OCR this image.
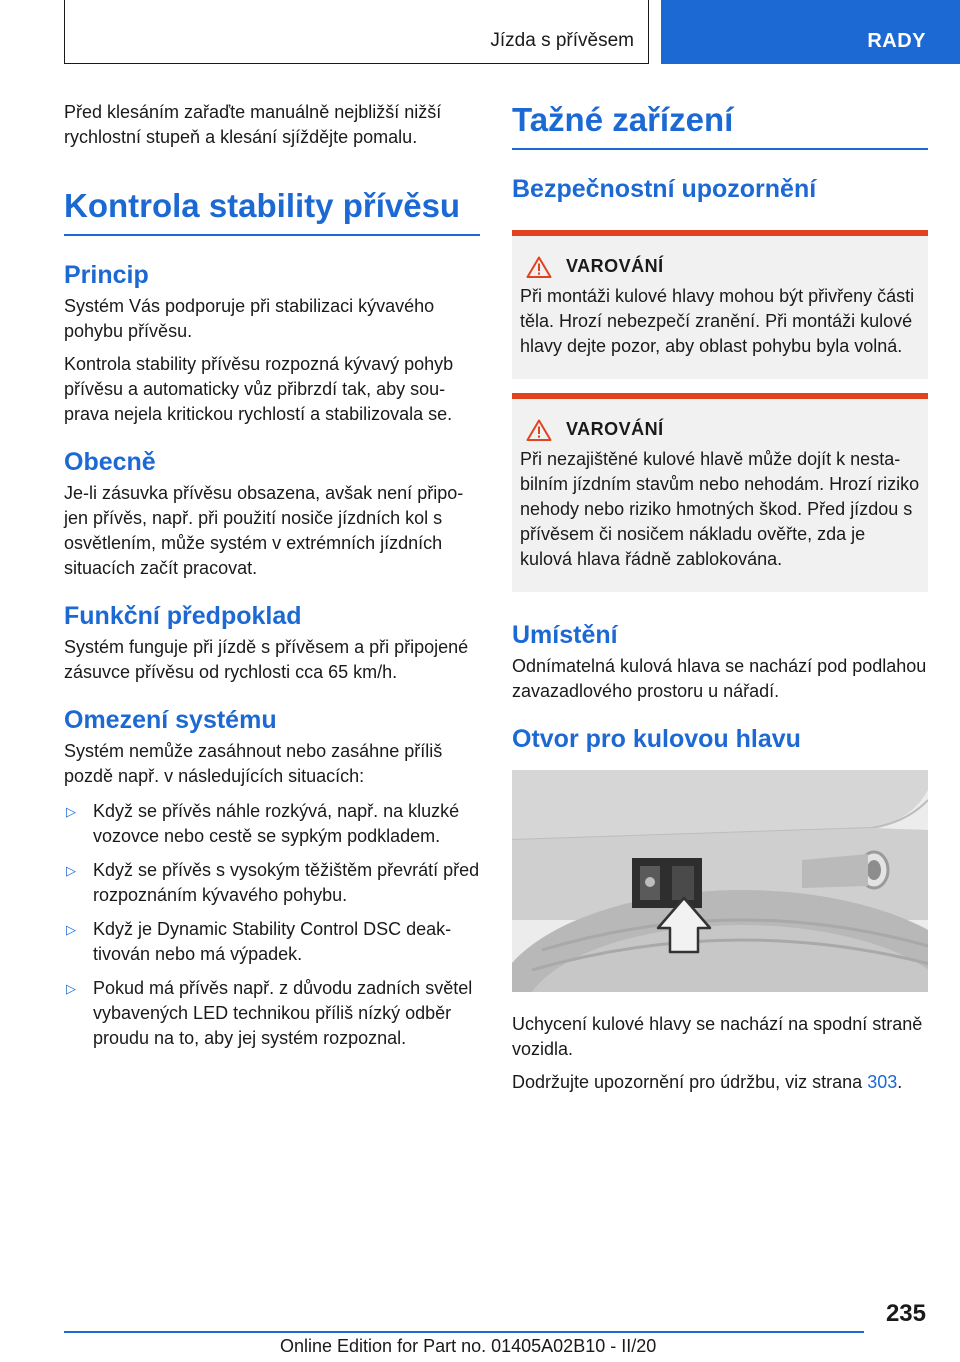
Jízda s přívěsem	RADY

Před klesáním zařaďte manuálně nejbližší nižší rychlostní stupeň a klesání sjíždějte pomalu.

Kontrola stability přívěsu
Princip

Systém Vás podporuje při stabilizaci kývavého pohybu přívěsu.

Kontrola stability přívěsu rozpozná kývavý pohyb přívěsu a automaticky vůz přibrzdí tak, aby souprava nejela kritickou rychlostí a stabilizovala se.

Obecně

Je-li zásuvka přívěsu obsazena, avšak není připojen přívěs, např. při použití nosiče jízdních kol s osvětlením, může systém v extrémních jízdních situacích začít pracovat.

Funkční předpoklad

Systém funguje při jízdě s přívěsem a při připojené zásuvce přívěsu od rychlosti cca 65 km/h.

Omezení systému

Systém nemůže zasáhnout nebo zasáhne příliš pozdě např. v následujících situacích:

▷ Když se přívěs náhle rozkývá, např. na kluzké vozovce nebo cestě se sypkým podkladem.
▷ Když se přívěs s vysokým těžištěm převrátí před rozpoznáním kývavého pohybu.
▷ Když je Dynamic Stability Control DSC deaktivován nebo má výpadek.
▷ Pokud má přívěs např. z důvodu zadních světel vybavených LED technikou příliš nízký odběr proudu na to, aby jej systém rozpoznal.
Tažné zařízení
Bezpečnostní upozornění
VAROVÁNÍ

Při montáži kulové hlavy mohou být přivřeny části těla. Hrozí nebezpečí zranění. Při montáži kulové hlavy dejte pozor, aby oblast pohybu byla volná.

VAROVÁNÍ

Při nezajištěné kulové hlavě může dojít k nestabilním jízdním stavům nebo nehodám. Hrozí riziko nehody nebo riziko hmotných škod. Před jízdou s přívěsem či nosičem nákladu ověřte, zda je kulová hlava řádně zablokována.

Umístění

Odnímatelná kulová hlava se nachází pod podlahou zavazadlového prostoru u nářadí.

Otvor pro kulovou hlavu

Uchycení kulové hlavy se nachází na spodní straně vozidla.

Dodržujte upozornění pro údržbu, viz strana 303.

235
Online Edition for Part no. 01405A02B10 - II/20
